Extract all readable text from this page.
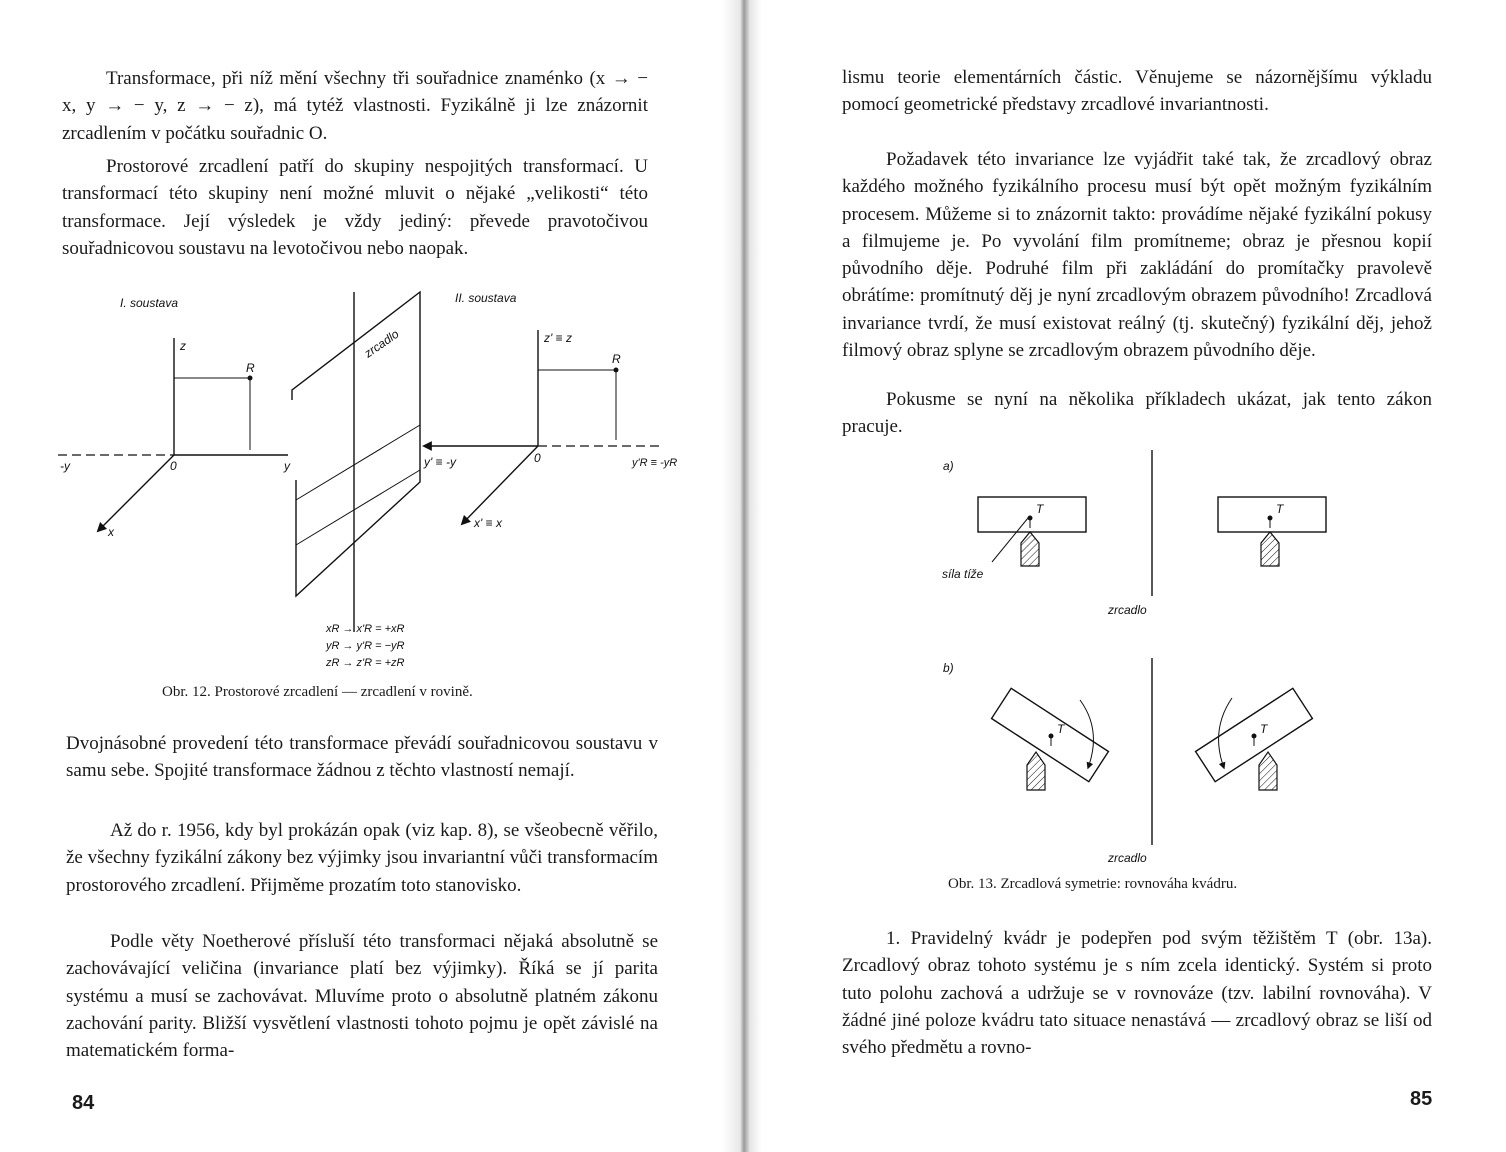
Transformace, při níž mění všechny tři souřadnice znaménko (x → − x, y → − y, z → − z), má tytéž vlastnosti. Fyzikálně ji lze znázornit zrcadlením v počátku souřadnic O.

Prostorové zrcadlení patří do skupiny nespojitých transformací. U transformací této skupiny není možné mluvit o nějaké „velikosti“ této transformace. Její výsledek je vždy jediný: převede pravotočivou souřadnicovou soustavu na levotočivou nebo naopak.

I. soustava
z
-y	y
x
0
R
zrcadlo
II. soustava
z' ≡ z
y' ≡ -y	y'R ≡ -yR
x' ≡ x
0
R
xR → x'R = +xR
yR → y'R = −yR
zR → z'R = +zR

Obr. 12. Prostorové zrcadlení — zrcadlení v rovině.

Dvojnásobné provedení této transformace převádí souřadnicovou soustavu v samu sebe. Spojité transformace žádnou z těchto vlastností nemají.

Až do r. 1956, kdy byl prokázán opak (viz kap. 8), se všeobecně věřilo, že všechny fyzikální zákony bez výjimky jsou invariantní vůči transformacím prostorového zrcadlení. Přijměme prozatím toto stanovisko.

Podle věty Noetherové přísluší této transformaci nějaká absolutně se zachovávající veličina (invariance platí bez výjimky). Říká se jí parita systému a musí se zachovávat. Mluvíme proto o absolutně platném zákonu zachování parity. Bližší vysvětlení vlastnosti tohoto pojmu je opět závislé na matematickém forma-

84

lismu teorie elementárních částic. Věnujeme se názornějšímu výkladu pomocí geometrické představy zrcadlové invariantnosti.

Požadavek této invariance lze vyjádřit také tak, že zrcadlový obraz každého možného fyzikálního procesu musí být opět možným fyzikálním procesem. Můžeme si to znázornit takto: provádíme nějaké fyzikální pokusy a filmujeme je. Po vyvolání film promítneme; obraz je přesnou kopií původního děje. Podruhé film při zakládání do promítačky pravolevě obrátíme: promítnutý děj je nyní zrcadlovým obrazem původního! Zrcadlová invariance tvrdí, že musí existovat reálný (tj. skutečný) fyzikální děj, jehož filmový obraz splyne se zrcadlovým obrazem původního děje.

Pokusme se nyní na několika příkladech ukázat, jak tento zákon pracuje.

a)
zrcadlo
T
síla tíže
T
b)
zrcadlo
T	T

Obr. 13. Zrcadlová symetrie: rovnováha kvádru.

1. Pravidelný kvádr je podepřen pod svým těžištěm T (obr. 13a). Zrcadlový obraz tohoto systému je s ním zcela identický. Systém si proto tuto polohu zachová a udržuje se v rovnováze (tzv. labilní rovnováha). V žádné jiné poloze kvádru tato situace nenastává — zrcadlový obraz se liší od svého předmětu a rovno-

85
